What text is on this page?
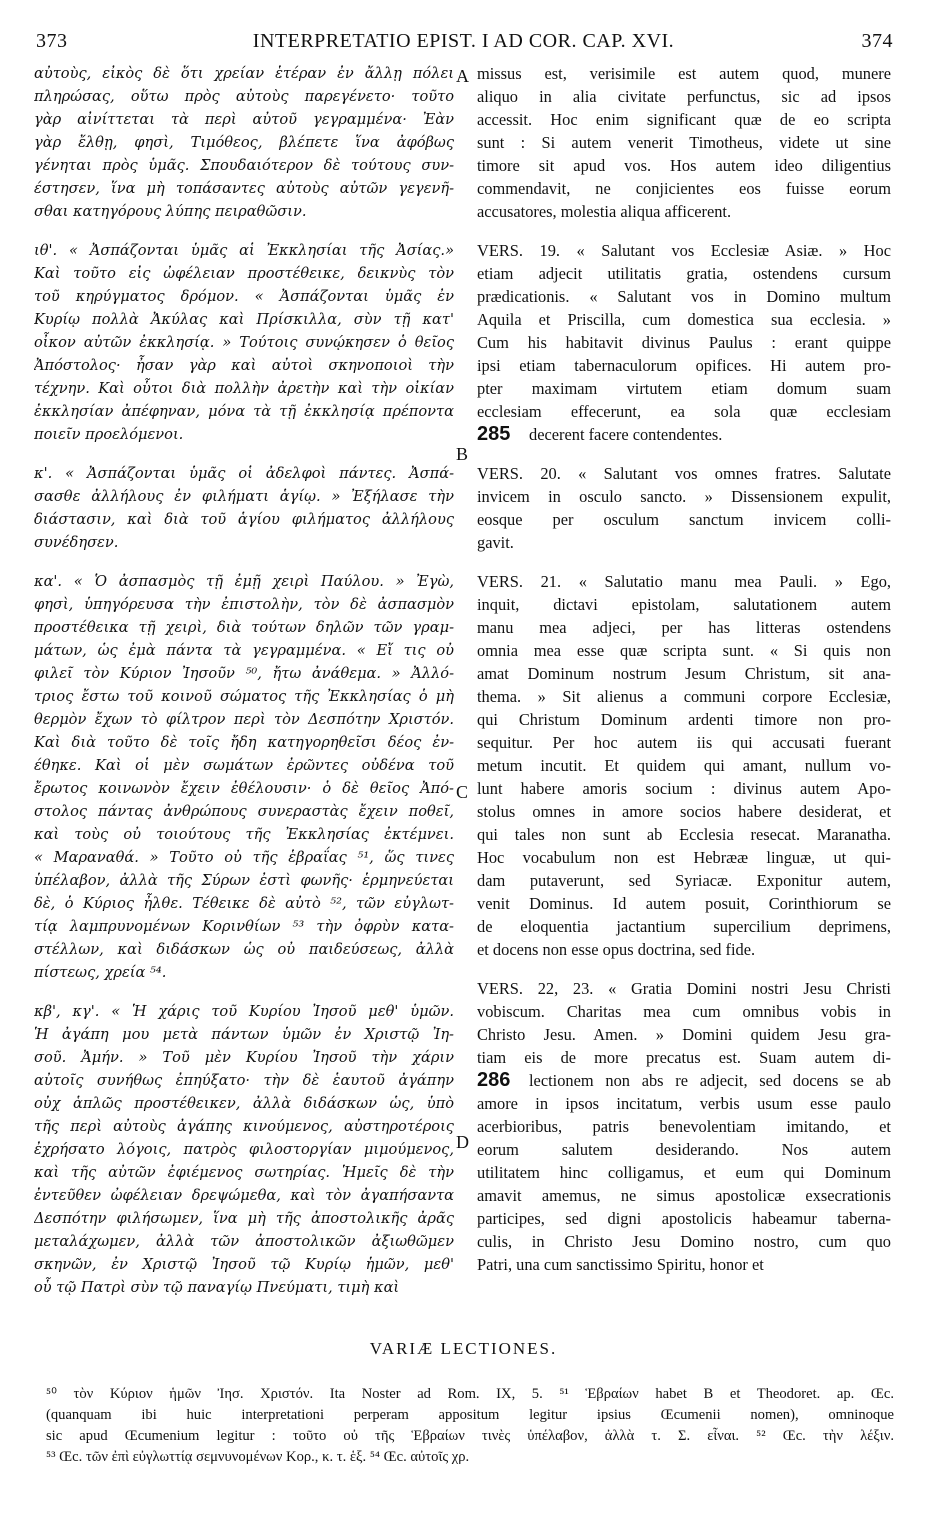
373	INTERPRETATIO EPIST. I AD COR. CAP. XVI.	374
αὐτοὺς, εἰκὸς δὲ ὅτι χρείαν ἑτέραν ἐν ἄλλῃ πόλει
πληρώσας, οὕτω πρὸς αὐτοὺς παρεγένετο· τοῦτο
γὰρ αἰνίττεται τὰ περὶ αὐτοῦ γεγραμμένα· Ἐὰν
γὰρ ἔλθῃ, φησὶ, Τιμόθεος, βλέπετε ἵνα ἀφόβως
γένηται πρὸς ὑμᾶς. Σπουδαιότερον δὲ τούτους συν-
έστησεν, ἵνα μὴ τοπάσαντες αὐτοὺς αὐτῶν γεγενῆ-
σθαι κατηγόρους λύπης πειραθῶσιν.
ιθ'. « Ἀσπάζονται ὑμᾶς αἱ Ἐκκλησίαι τῆς Ἀσίας.»
Καὶ τοῦτο εἰς ὠφέλειαν προστέθεικε, δεικνὺς τὸν
τοῦ κηρύγματος δρόμον. « Ἀσπάζονται ὑμᾶς ἐν
Κυρίῳ πολλὰ Ἀκύλας καὶ Πρίσκιλλα, σὺν τῇ κατ'
οἶκον αὐτῶν ἐκκλησίᾳ. » Τούτοις συνῴκησεν ὁ θεῖος
Ἀπόστολος· ἦσαν γὰρ καὶ αὐτοὶ σκηνοποιοὶ τὴν
τέχνην. Καὶ οὗτοι διὰ πολλὴν ἀρετὴν καὶ τὴν οἰκίαν
ἐκκλησίαν ἀπέφηναν, μόνα τὰ τῇ ἐκκλησίᾳ πρέποντα
ποιεῖν προελόμενοι.
κ'. « Ἀσπάζονται ὑμᾶς οἱ ἀδελφοὶ πάντες. Ἀσπά-
σασθε ἀλλήλους ἐν φιλήματι ἁγίῳ. » Ἐξήλασε τὴν
διάστασιν, καὶ διὰ τοῦ ἁγίου φιλήματος ἀλλήλους
συνέδησεν.
κα'. « Ὁ ἀσπασμὸς τῇ ἐμῇ χειρὶ Παύλου. » Ἐγὼ,
φησὶ, ὑπηγόρευσα τὴν ἐπιστολὴν, τὸν δὲ ἀσπασμὸν
προστέθεικα τῇ χειρὶ, διὰ τούτων δηλῶν τῶν γραμ-
μάτων, ὡς ἐμὰ πάντα τὰ γεγραμμένα. « Εἴ τις οὐ
φιλεῖ τὸν Κύριον Ἰησοῦν ⁵⁰, ἤτω ἀνάθεμα. » Ἀλλό-
τριος ἔστω τοῦ κοινοῦ σώματος τῆς Ἐκκλησίας ὁ μὴ
θερμὸν ἔχων τὸ φίλτρον περὶ τὸν Δεσπότην Χριστόν.
Καὶ διὰ τοῦτο δὲ τοῖς ἤδη κατηγορηθεῖσι δέος ἐν-
έθηκε. Καὶ οἱ μὲν σωμάτων ἐρῶντες οὐδένα τοῦ
ἔρωτος κοινωνὸν ἔχειν ἐθέλουσιν· ὁ δὲ θεῖος Ἀπό-
στολος πάντας ἀνθρώπους συνεραστὰς ἔχειν ποθεῖ,
καὶ τοὺς οὐ τοιούτους τῆς Ἐκκλησίας ἐκτέμνει.
« Μαραναθά. » Τοῦτο οὐ τῆς ἑβραΐας ⁵¹, ὥς τινες
ὑπέλαβον, ἀλλὰ τῆς Σύρων ἐστὶ φωνῆς· ἑρμηνεύεται
δὲ, ὁ Κύριος ἦλθε. Τέθεικε δὲ αὐτὸ ⁵², τῶν εὐγλωτ-
τίᾳ λαμπρυνομένων Κορινθίων ⁵³ τὴν ὀφρὺν κατα-
στέλλων, καὶ διδάσκων ὡς οὐ παιδεύσεως, ἀλλὰ
πίστεως, χρεία ⁵⁴.
κβ', κγ'. « Ἡ χάρις τοῦ Κυρίου Ἰησοῦ μεθ' ὑμῶν.
Ἡ ἀγάπη μου μετὰ πάντων ὑμῶν ἐν Χριστῷ Ἰη-
σοῦ. Ἀμήν. » Τοῦ μὲν Κυρίου Ἰησοῦ τὴν χάριν
αὐτοῖς συνήθως ἐπηύξατο· τὴν δὲ ἑαυτοῦ ἀγάπην
οὐχ ἁπλῶς προστέθεικεν, ἀλλὰ διδάσκων ὡς, ὑπὸ
τῆς περὶ αὐτοὺς ἀγάπης κινούμενος, αὐστηροτέροις
ἐχρήσατο λόγοις, πατρὸς φιλοστοργίαν μιμούμενος,
καὶ τῆς αὐτῶν ἐφιέμενος σωτηρίας. Ἡμεῖς δὲ τὴν
ἐντεῦθεν ὠφέλειαν δρεψώμεθα, καὶ τὸν ἀγαπήσαντα
Δεσπότην φιλήσωμεν, ἵνα μὴ τῆς ἀποστολικῆς ἀρᾶς
μεταλάχωμεν, ἀλλὰ τῶν ἀποστολικῶν ἀξιωθῶμεν
σκηνῶν, ἐν Χριστῷ Ἰησοῦ τῷ Κυρίῳ ἡμῶν, μεθ'
οὗ τῷ Πατρὶ σὺν τῷ παναγίῳ Πνεύματι, τιμὴ καὶ
missus est, verisimile est autem quod, munere
aliquo in alia civitate perfunctus, sic ad ipsos
accessit. Hoc enim significant quæ de eo scripta
sunt : Si autem venerit Timotheus, videte ut sine
timore sit apud vos. Hos autem ideo diligentius
commendavit, ne conjicientes eos fuisse eorum
accusatores, molestia aliqua afficerent.
VERS. 19. « Salutant vos Ecclesiæ Asiæ. » Hoc
etiam adjecit utilitatis gratia, ostendens cursum
prædicationis. « Salutant vos in Domino multum
Aquila et Priscilla, cum domestica sua ecclesia. »
Cum his habitavit divinus Paulus : erant quippe
ipsi etiam tabernaculorum opifices. Hi autem pro-
pter maximam virtutem etiam domum suam
ecclesiam effecerunt, ea sola quæ ecclesiam
decerent facere contendentes.
VERS. 20. « Salutant vos omnes fratres. Salutate
invicem in osculo sancto. » Dissensionem expulit,
eosque per osculum sanctum invicem colli-
gavit.
VERS. 21. « Salutatio manu mea Pauli. » Ego,
inquit, dictavi epistolam, salutationem autem
manu mea adjeci, per has litteras ostendens
omnia mea esse quæ scripta sunt. « Si quis non
amat Dominum nostrum Jesum Christum, sit ana-
thema. » Sit alienus a communi corpore Ecclesiæ,
qui Christum Dominum ardenti timore non pro-
sequitur. Per hoc autem iis qui accusati fuerant
metum incutit. Et quidem qui amant, nullum vo-
lunt habere amoris socium : divinus autem Apo-
stolus omnes in amore socios habere desiderat, et
qui tales non sunt ab Ecclesia resecat. Maranatha.
Hoc vocabulum non est Hebrææ linguæ, ut qui-
dam putaverunt, sed Syriacæ. Exponitur autem,
venit Dominus. Id autem posuit, Corinthiorum se
de eloquentia jactantium supercilium deprimens,
et docens non esse opus doctrina, sed fide.
VERS. 22, 23. « Gratia Domini nostri Jesu Christi
vobiscum. Charitas mea cum omnibus vobis in
Christo Jesu. Amen. » Domini quidem Jesu gra-
tiam eis de more precatus est. Suam autem di-
lectionem non abs re adjecit, sed docens se ab
amore in ipsos incitatum, verbis usum esse paulo
acerbioribus, patris benevolentiam imitando, et
eorum salutem desiderando. Nos autem
utilitatem hinc colligamus, et eum qui Dominum
amavit amemus, ne simus apostolicæ exsecrationis
participes, sed digni apostolicis habeamur taberna-
culis, in Christo Jesu Domino nostro, cum quo
Patri, una cum sanctissimo Spiritu, honor et
A
B
C
D
VARIÆ LECTIONES.
⁵⁰ τὸν Κύριον ἡμῶν Ἰησ. Χριστόν. Ita Noster ad Rom. IX, 5. ⁵¹ Ἑβραίων habet B et Theodoret. ap. Œc.
(quanquam ibi huic interpretationi perperam appositum legitur ipsius Œcumenii nomen), omninoque
sic apud Œcumenium legitur : τοῦτο οὐ τῆς Ἑβραίων τινὲς ὑπέλαβον, ἀλλὰ τ. Σ. εἶναι. ⁵² Œc. τὴν λέξιν.
⁵³ Œc. τῶν ἐπὶ εὐγλωττίᾳ σεμνυνομένων Κορ., κ. τ. ἑξ. ⁵⁴ Œc. αὐτοῖς χρ.
285
286
